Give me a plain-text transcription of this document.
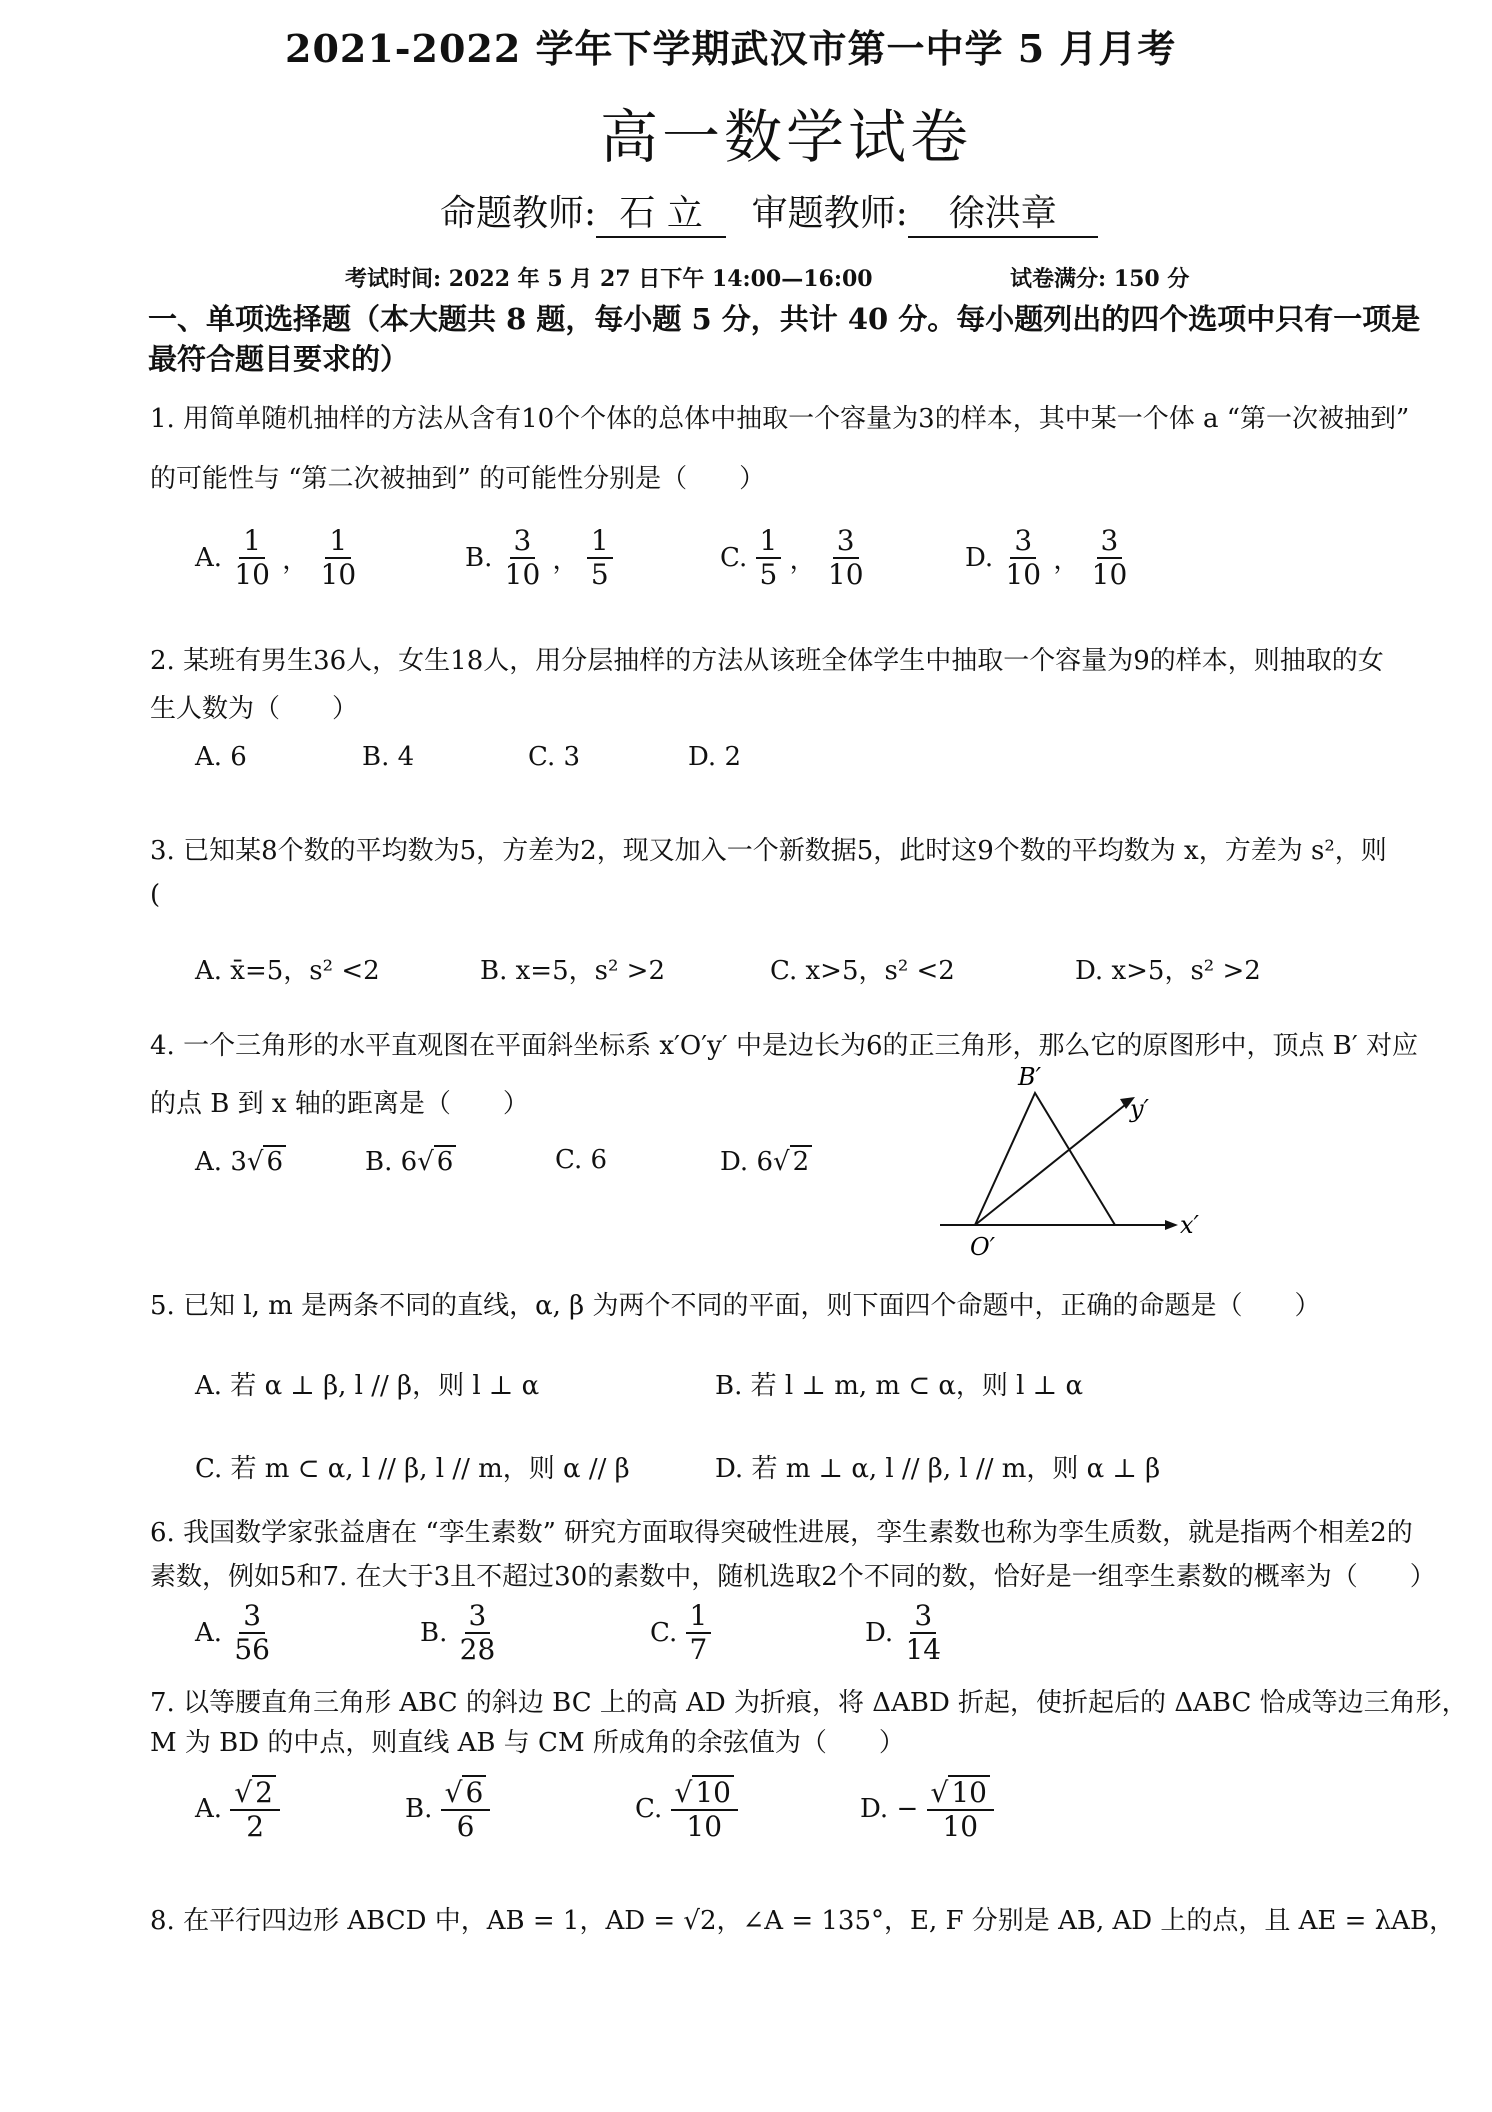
2021-2022 学年下学期武汉市第一中学 5 月月考
高一数学试卷
命题教师: 石 立 审题教师: 徐洪章
考试时间: 2022 年 5 月 27 日下午 14:00—16:00	试卷满分: 150 分
一、单项选择题（本大题共 8 题，每小题 5 分，共计 40 分。每小题列出的四个选项中只有一项是
最符合题目要求的）
1. 用简单随机抽样的方法从含有10个个体的总体中抽取一个容量为3的样本，其中某一个体 a “第一次被抽到”
的可能性与 “第二次被抽到” 的可能性分别是（　　）
A. $\frac{1}{10}$ ， $\frac{1}{10}$	B. $\frac{3}{10}$ ， $\frac{1}{5}$	C. $\frac{1}{5}$ ， $\frac{3}{10}$	D. $\frac{3}{10}$ ， $\frac{3}{10}$
2. 某班有男生36人，女生18人，用分层抽样的方法从该班全体学生中抽取一个容量为9的样本，则抽取的女
生人数为（　　）
A. 6	B. 4	C. 3	D. 2
3. 已知某8个数的平均数为5，方差为2，现又加入一个新数据5，此时这9个数的平均数为 x，方差为 s²，则
(
A. x̄=5，s² <2	B. x=5，s² >2	C. x>5，s² <2	D. x>5，s² >2
4. 一个三角形的水平直观图在平面斜坐标系 x′O′y′ 中是边长为6的正三角形，那么它的原图形中，顶点 B′ 对应
的点 B 到 x 轴的距离是（　　）
A. 3√ 6	B. 6√ 6	C. 6	D. 6√ 2
B′
y′
x′
O′
5. 已知 l, m 是两条不同的直线，α, β 为两个不同的平面，则下面四个命题中，正确的命题是（　　）
A. 若 α ⊥ β, l // β，则 l ⊥ α	B. 若 l ⊥ m, m ⊂ α，则 l ⊥ α
C. 若 m ⊂ α, l // β, l // m，则 α // β	D. 若 m ⊥ α, l // β, l // m，则 α ⊥ β
6. 我国数学家张益唐在 “孪生素数” 研究方面取得突破性进展，孪生素数也称为孪生质数，就是指两个相差2的
素数，例如5和7. 在大于3且不超过30的素数中，随机选取2个不同的数，恰好是一组孪生素数的概率为（　　）
A. $\frac{3}{56}$	B. $\frac{3}{28}$	C. $\frac{1}{7}$	D. $\frac{3}{14}$
7. 以等腰直角三角形 ABC 的斜边 BC 上的高 AD 为折痕，将 ΔABD 折起，使折起后的 ΔABC 恰成等边三角形，
M 为 BD 的中点，则直线 AB 与 CM 所成角的余弦值为（　　）
A. $\frac{√ 2}{2}$	B. $\frac{√ 6}{6}$	C. $\frac{√ 10}{10}$	D. − $\frac{√ 10}{10}$
8. 在平行四边形 ABCD 中，AB = 1，AD = √2，∠A = 135°，E, F 分别是 AB, AD 上的点，且 AE = λAB，
